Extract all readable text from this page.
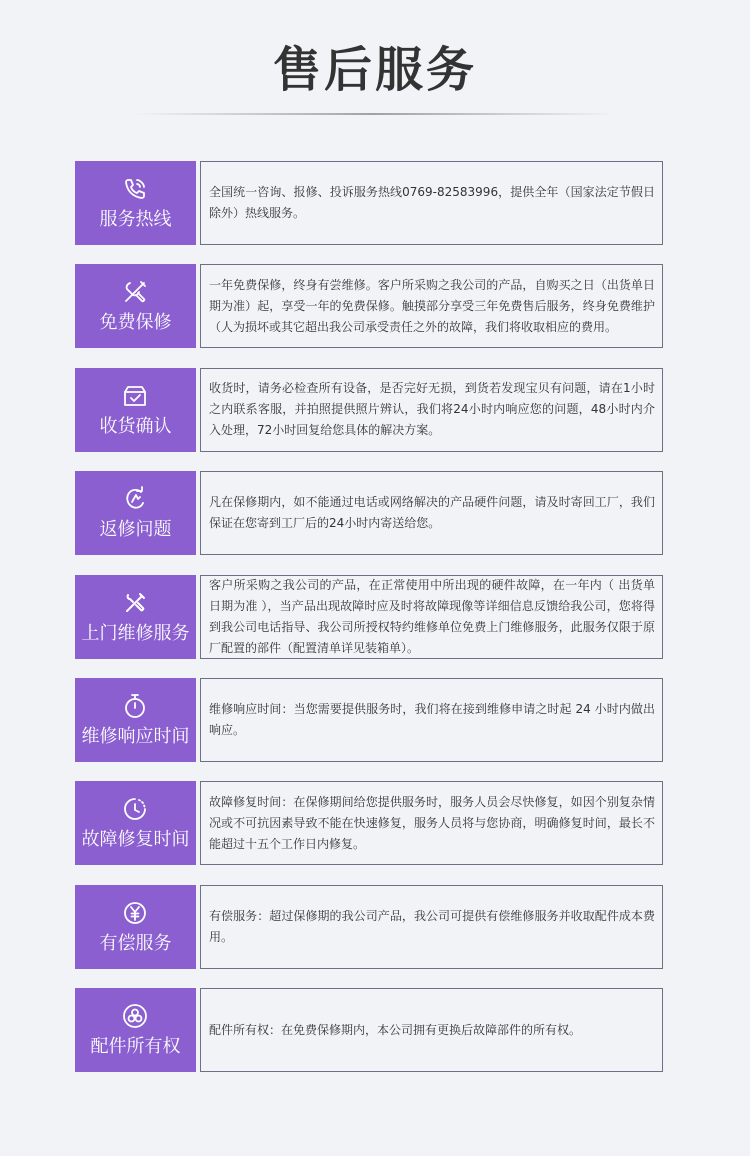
售后服务
服务热线

全国统一咨询、报修、投诉服务热线0769-82583996，提供全年（国家法定节假日除外）热线服务。

免费保修

一年免费保修，终身有尝维修。客户所采购之我公司的产品，自购买之日（出货单日期为准）起，享受一年的免费保修。触摸部分享受三年免费售后服务，终身免费维护（人为损坏或其它超出我公司承受责任之外的故障，我们将收取相应的费用。

收货确认

收货时，请务必检查所有设备，是否完好无损，到货若发现宝贝有问题，请在1小时之内联系客服，并拍照提供照片辨认，我们将24小时内响应您的问题，48小时内介入处理，72小时回复给您具体的解决方案。

返修问题

凡在保修期内，如不能通过电话或网络解决的产品硬件问题，请及时寄回工厂，我们保证在您寄到工厂后的24小时内寄送给您。

上门维修服务

客户所采购之我公司的产品，在正常使用中所出现的硬件故障，在一年内（ 出货单日期为准 ），当产品出现故障时应及时将故障现像等详细信息反馈给我公司，您将得到我公司电话指导、我公司所授权特约维修单位免费上门维修服务，此服务仅限于原厂配置的部件（配置清单详见装箱单）。

维修响应时间

维修响应时间：当您需要提供服务时，我们将在接到维修申请之时起 24 小时内做出响应。

故障修复时间

故障修复时间：在保修期间给您提供服务时，服务人员会尽快修复，如因个别复杂情况或不可抗因素导致不能在快速修复，服务人员将与您协商，明确修复时间，最长不能超过十五个工作日内修复。

有偿服务

有偿服务：超过保修期的我公司产品，我公司可提供有偿维修服务并收取配件成本费用。

配件所有权

配件所有权：在免费保修期内，本公司拥有更换后故障部件的所有权。
